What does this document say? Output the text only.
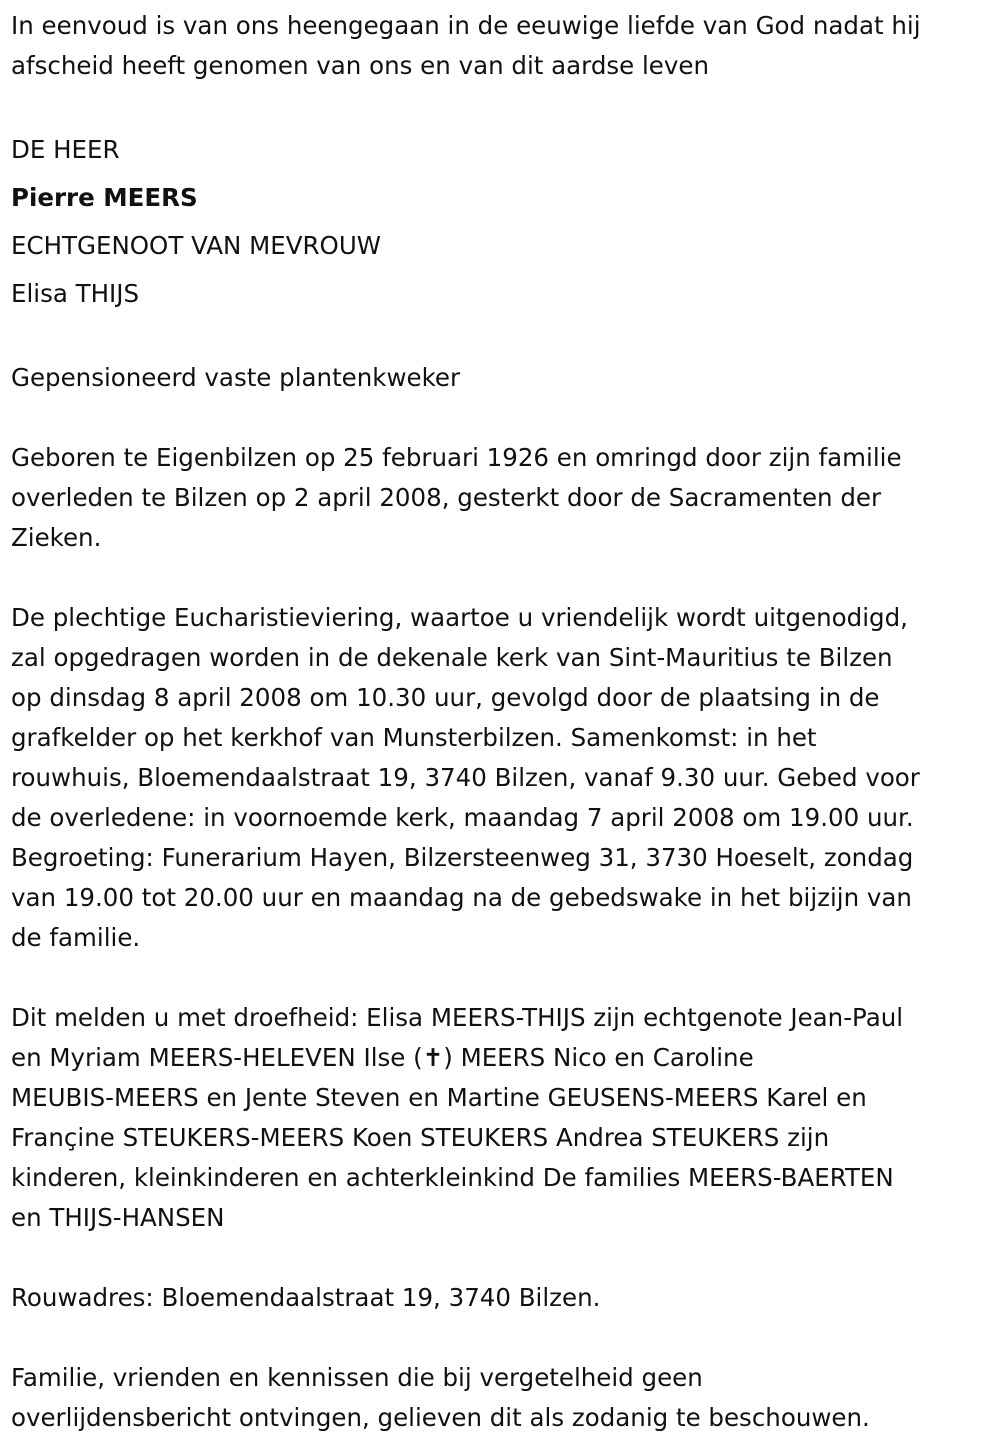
In eenvoud is van ons heengegaan in de eeuwige liefde van God nadat hij

afscheid heeft genomen van ons en van dit aardse leven

DE HEER

Pierre MEERS

ECHTGENOOT VAN MEVROUW

Elisa THIJS

Gepensioneerd vaste plantenkweker

Geboren te Eigenbilzen op 25 februari 1926 en omringd door zijn familie

overleden te Bilzen op 2 april 2008, gesterkt door de Sacramenten der

Zieken.

De plechtige Eucharistieviering, waartoe u vriendelijk wordt uitgenodigd,

zal opgedragen worden in de dekenale kerk van Sint-Mauritius te Bilzen

op dinsdag 8 april 2008 om 10.30 uur, gevolgd door de plaatsing in de

grafkelder op het kerkhof van Munsterbilzen. Samenkomst: in het

rouwhuis, Bloemendaalstraat 19, 3740 Bilzen, vanaf 9.30 uur. Gebed voor

de overledene: in voornoemde kerk, maandag 7 april 2008 om 19.00 uur.

Begroeting: Funerarium Hayen, Bilzersteenweg 31, 3730 Hoeselt, zondag

van 19.00 tot 20.00 uur en maandag na de gebedswake in het bijzijn van

de familie.

Dit melden u met droefheid: Elisa MEERS-THIJS zijn echtgenote Jean-Paul

en Myriam MEERS-HELEVEN Ilse (✝) MEERS Nico en Caroline

MEUBIS-MEERS en Jente Steven en Martine GEUSENS-MEERS Karel en

Françine STEUKERS-MEERS Koen STEUKERS Andrea STEUKERS zijn

kinderen, kleinkinderen en achterkleinkind De families MEERS-BAERTEN

en THIJS-HANSEN

Rouwadres: Bloemendaalstraat 19, 3740 Bilzen.

Familie, vrienden en kennissen die bij vergetelheid geen

overlijdensbericht ontvingen, gelieven dit als zodanig te beschouwen.
